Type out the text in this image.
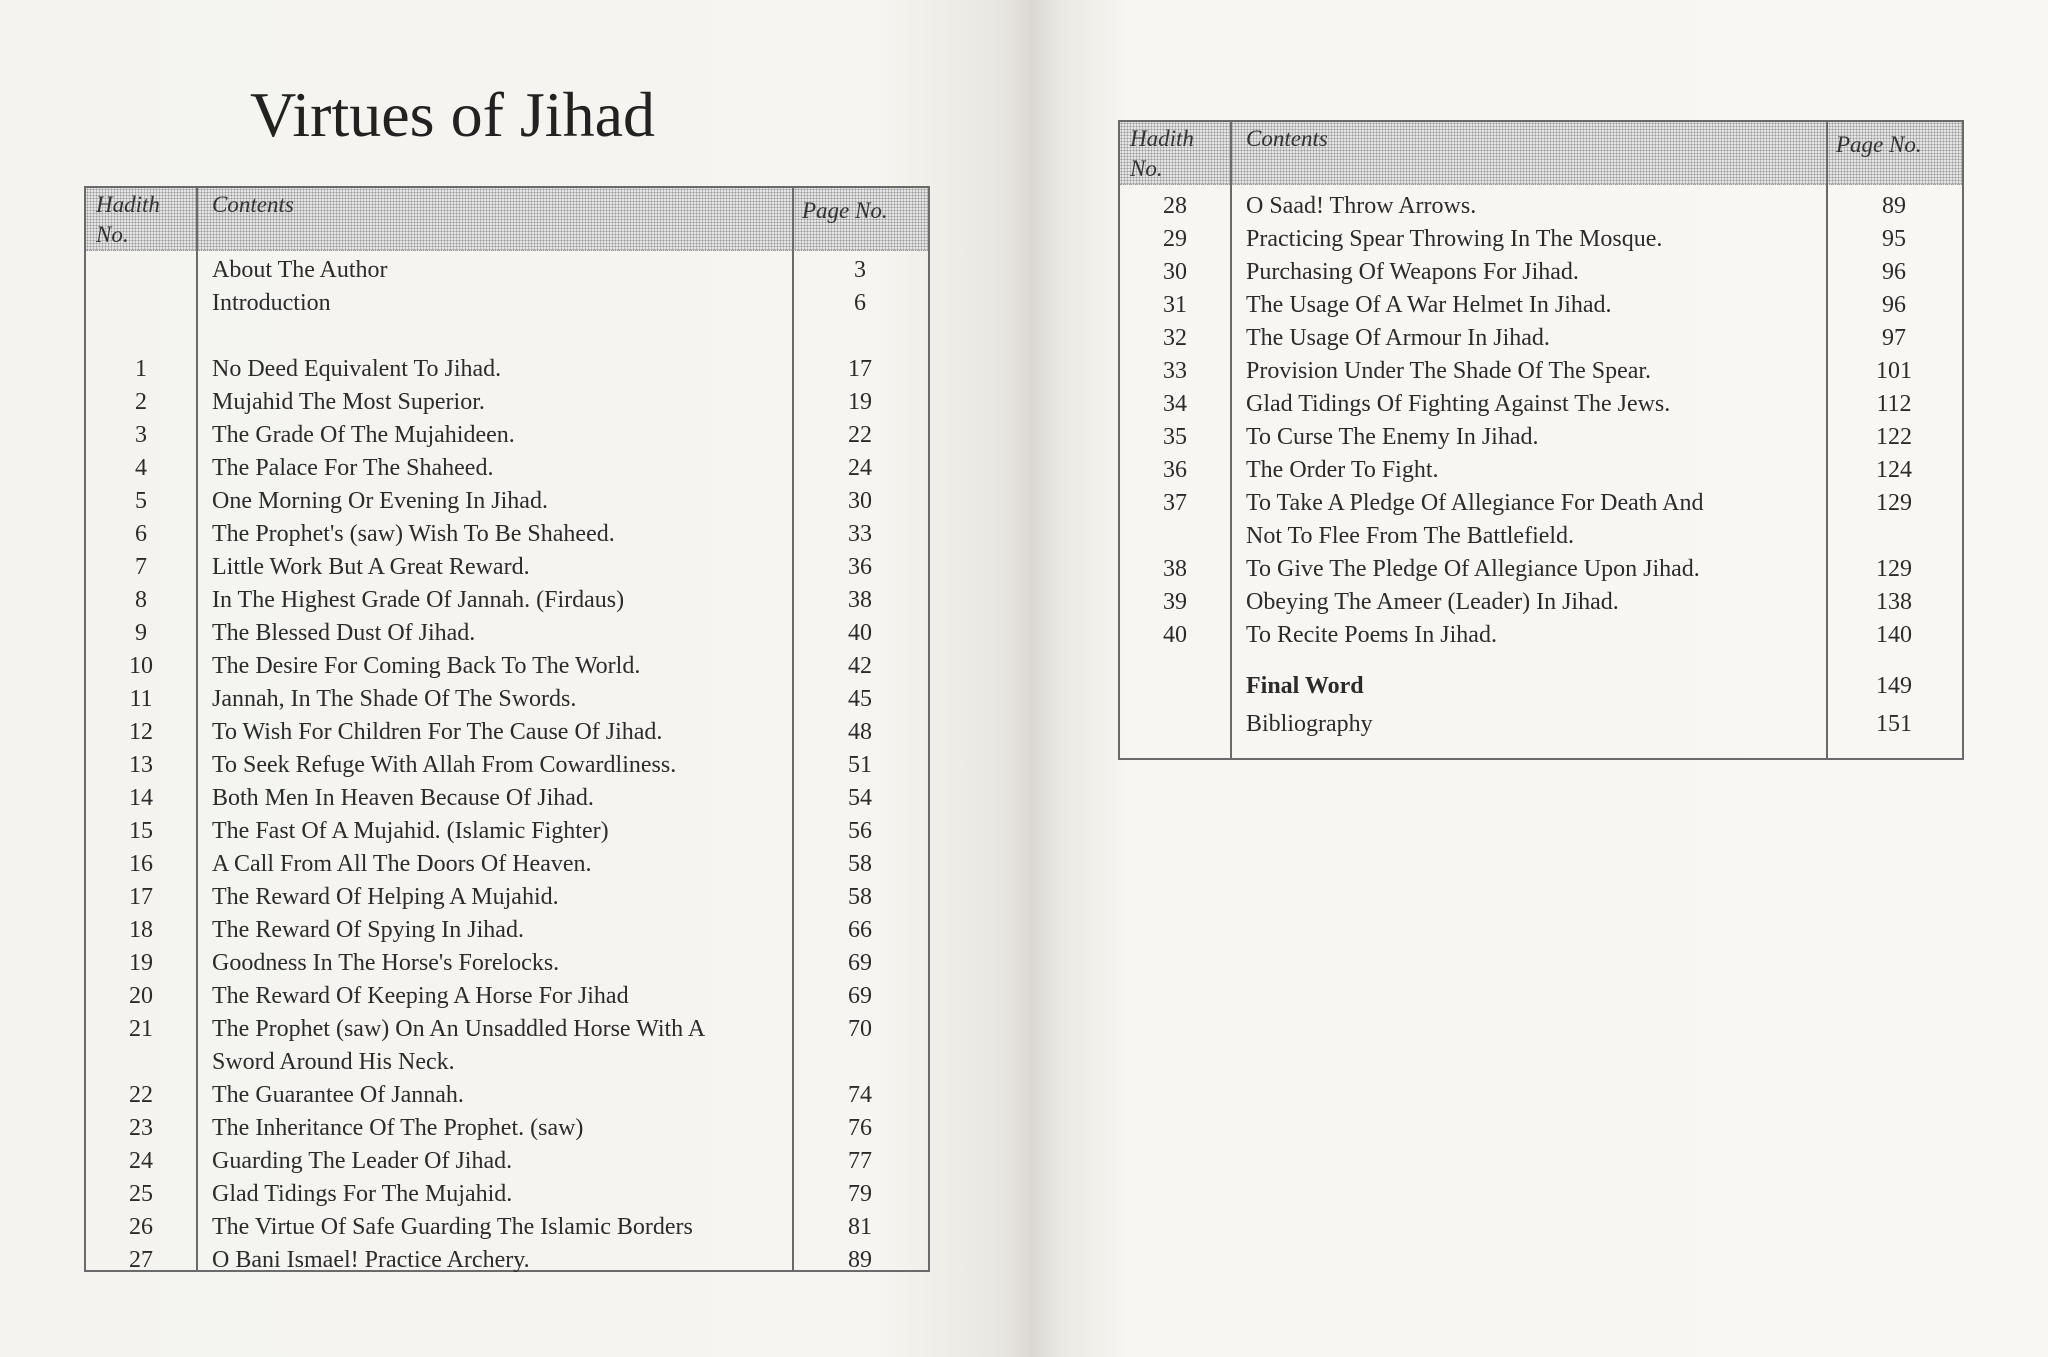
Virtues of Jihad
Hadith No.
Contents	Page No.
About The Author	3
Introduction	6
1	No Deed Equivalent To Jihad.	17
2	Mujahid The Most Superior.	19
3	The Grade Of The Mujahideen.	22
4	The Palace For The Shaheed.	24
5	One Morning Or Evening In Jihad.	30
6	The Prophet's (saw) Wish To Be Shaheed.	33
7	Little Work But A Great Reward.	36
8	In The Highest Grade Of Jannah. (Firdaus)	38
9	The Blessed Dust Of Jihad.	40
10	The Desire For Coming Back To The World.	42
11	Jannah, In The Shade Of The Swords.	45
12	To Wish For Children For The Cause Of Jihad.	48
13	To Seek Refuge With Allah From Cowardliness.	51
14	Both Men In Heaven Because Of Jihad.	54
15	The Fast Of A Mujahid. (Islamic Fighter)	56
16	A Call From All The Doors Of Heaven.	58
17	The Reward Of Helping A Mujahid.	58
18	The Reward Of Spying In Jihad.	66
19	Goodness In The Horse's Forelocks.	69
20	The Reward Of Keeping A Horse For Jihad	69
21	The Prophet (saw) On An Unsaddled Horse With A	70
Sword Around His Neck.
22	The Guarantee Of Jannah.	74
23	The Inheritance Of The Prophet. (saw)	76
24	Guarding The Leader Of Jihad.	77
25	Glad Tidings For The Mujahid.	79
26	The Virtue Of Safe Guarding The Islamic Borders	81
27	O Bani Ismael! Practice Archery.	89
Hadith No.
Contents	Page No.
28	O Saad! Throw Arrows.	89
29	Practicing Spear Throwing In The Mosque.	95
30	Purchasing Of Weapons For Jihad.	96
31	The Usage Of A War Helmet In Jihad.	96
32	The Usage Of Armour In Jihad.	97
33	Provision Under The Shade Of The Spear.	101
34	Glad Tidings Of Fighting Against The Jews.	112
35	To Curse The Enemy In Jihad.	122
36	The Order To Fight.	124
37	To Take A Pledge Of Allegiance For Death And	129
Not To Flee From The Battlefield.
38	To Give The Pledge Of Allegiance Upon Jihad.	129
39	Obeying The Ameer (Leader) In Jihad.	138
40	To Recite Poems In Jihad.	140
Final Word	149
Bibliography	151
